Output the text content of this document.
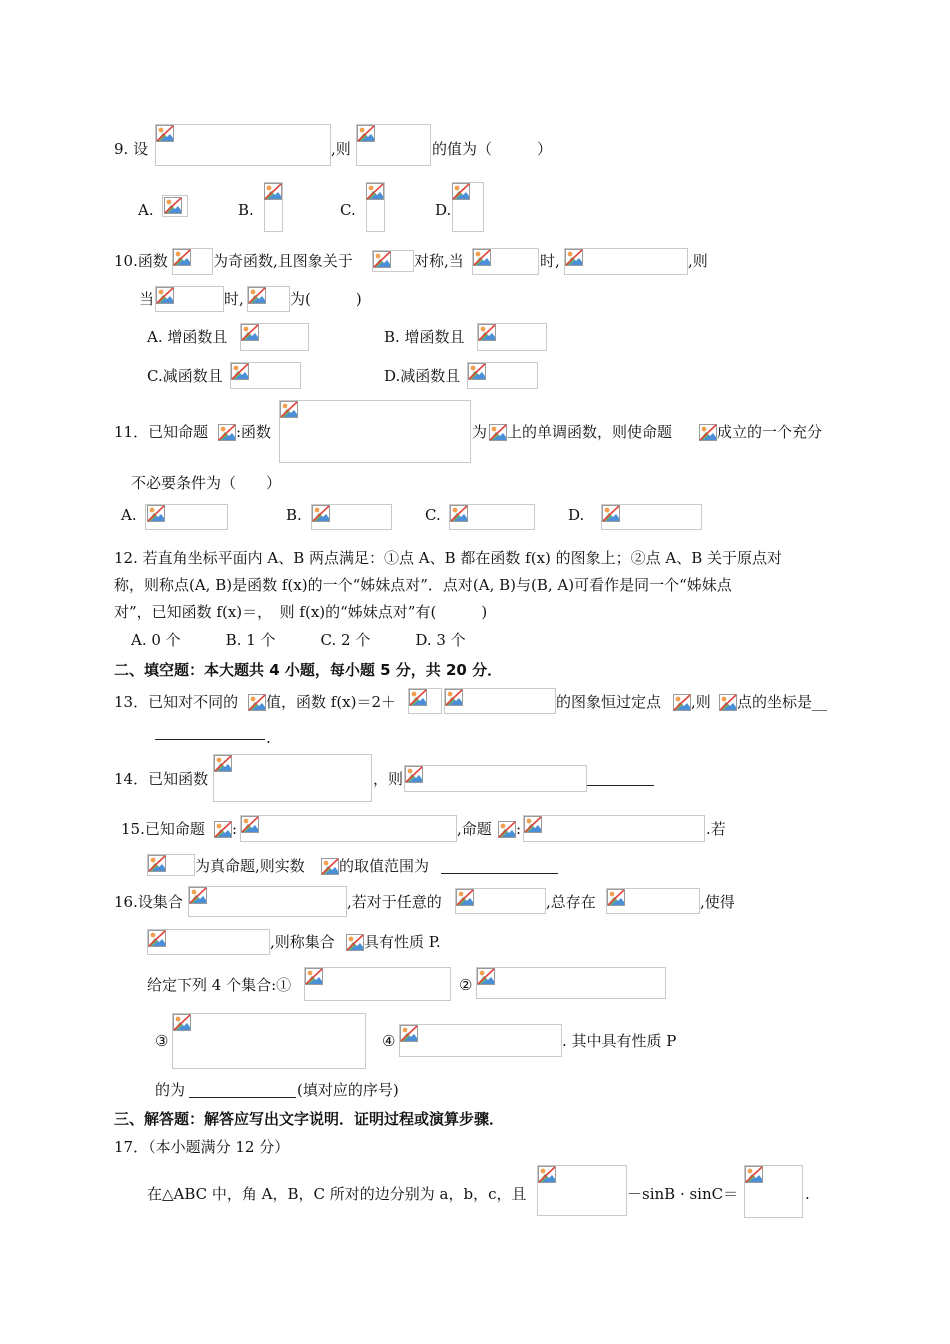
9. 设	,则	的值为（　　　）
A.	B.	C.	D.
10.函数	为奇函数,且图象关于	对称,当	时,	,则
当	时,	为(　　　)
A. 增函数且	B. 增函数且
C.减函数且	D.减函数且
11．已知命题 :函数	为 上的单调函数，则使命题	成立的一个充分
不必要条件为（　　）
A.	B.	C.	D.
12. 若直角坐标平面内 A、B 两点满足：①点 A、B 都在函数 f(x) 的图象上；②点 A、B 关于原点对
称，则称点(A, B)是函数 f(x)的一个“姊妹点对”．点对(A, B)与(B, A)可看作是同一个“姊妹点
对”，已知函数 f(x)＝，　则 f(x)的“姊妹点对”有(　　　)
A. 0 个　　　B. 1 个　　　C. 2 个　　　D. 3 个
二、填空题：本大题共 4 小题，每小题 5 分，共 20 分．
13．已知对不同的 值，函数 f(x)＝2＋	的图象恒过定点 ,则 点的坐标是__
.
14．已知函数	，则
15.已知命题 :	,命题 :	.若
为真命题,则实数 的取值范围为
16.设集合	,若对于任意的	,总存在	,使得
,则称集合 具有性质 P.
给定下列 4 个集合:①	②
③	④	. 其中具有性质 P
的为	(填对应的序号)
三、解答题：解答应写出文字说明．证明过程或演算步骤．
17．（本小题满分 12 分）
在△ABC 中，角 A，B，C 所对的边分别为 a，b，c，且	－sinB · sinC＝	.
